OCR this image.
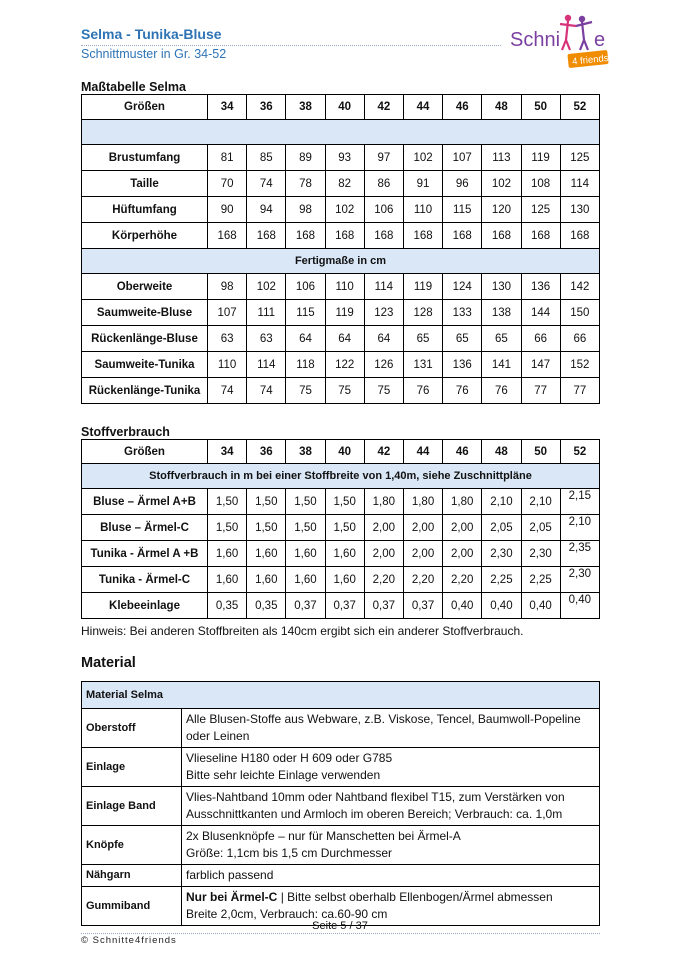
Selma - Tunika-Bluse
Schnittmuster in Gr. 34-52
Schni e
4 friends
Maßtabelle Selma
Größen	34	36	38	40	42	44	46	48	50	52

Brustumfang	81	85	89	93	97	102	107	113	119	125
Taille	70	74	78	82	86	91	96	102	108	114
Hüftumfang	90	94	98	102	106	110	115	120	125	130
Körperhöhe	168	168	168	168	168	168	168	168	168	168
Fertigmaße in cm										
Oberweite	98	102	106	110	114	119	124	130	136	142
Saumweite-Bluse	107	111	115	119	123	128	133	138	144	150
Rückenlänge-Bluse	63	63	64	64	64	65	65	65	66	66
Saumweite-Tunika	110	114	118	122	126	131	136	141	147	152
Rückenlänge-Tunika	74	74	75	75	75	76	76	76	77	77
Stoffverbrauch
Größen	34	36	38	40	42	44	46	48	50	52
Stoffverbrauch in m bei einer Stoffbreite von 1,40m, siehe Zuschnittpläne										
Bluse – Ärmel A+B	1,50	1,50	1,50	1,50	1,80	1,80	1,80	2,10	2,10	2,15
Bluse – Ärmel-C	1,50	1,50	1,50	1,50	2,00	2,00	2,00	2,05	2,05	2,10
Tunika - Ärmel A +B	1,60	1,60	1,60	1,60	2,00	2,00	2,00	2,30	2,30	2,35
Tunika - Ärmel-C	1,60	1,60	1,60	1,60	2,20	2,20	2,20	2,25	2,25	2,30
Klebeeinlage	0,35	0,35	0,37	0,37	0,37	0,37	0,40	0,40	0,40	0,40
Hinweis: Bei anderen Stoffbreiten als 140cm ergibt sich ein anderer Stoffverbrauch.
Material
Material Selma	
Oberstoff	Alle Blusen-Stoffe aus Webware, z.B. Viskose, Tencel, Baumwoll-Popeline
oder Leinen

Einlage	Vlieseline H180 oder H 609 oder G785
Bitte sehr leichte Einlage verwenden

Einlage Band	Vlies-Nahtband 10mm oder Nahtband flexibel T15, zum Verstärken von
Ausschnittkanten und Armloch im oberen Bereich; Verbrauch: ca. 1,0m

Knöpfe	2x Blusenknöpfe – nur für Manschetten bei Ärmel-A
Größe: 1,1cm bis 1,5 cm Durchmesser

Nähgarn	farblich passend

Gummiband	Nur bei Ärmel-C | Bitte selbst oberhalb Ellenbogen/Ärmel abmessen
Breite 2,0cm, Verbrauch: ca.60-90 cm
Seite 5 / 37
© Schnitte4friends
